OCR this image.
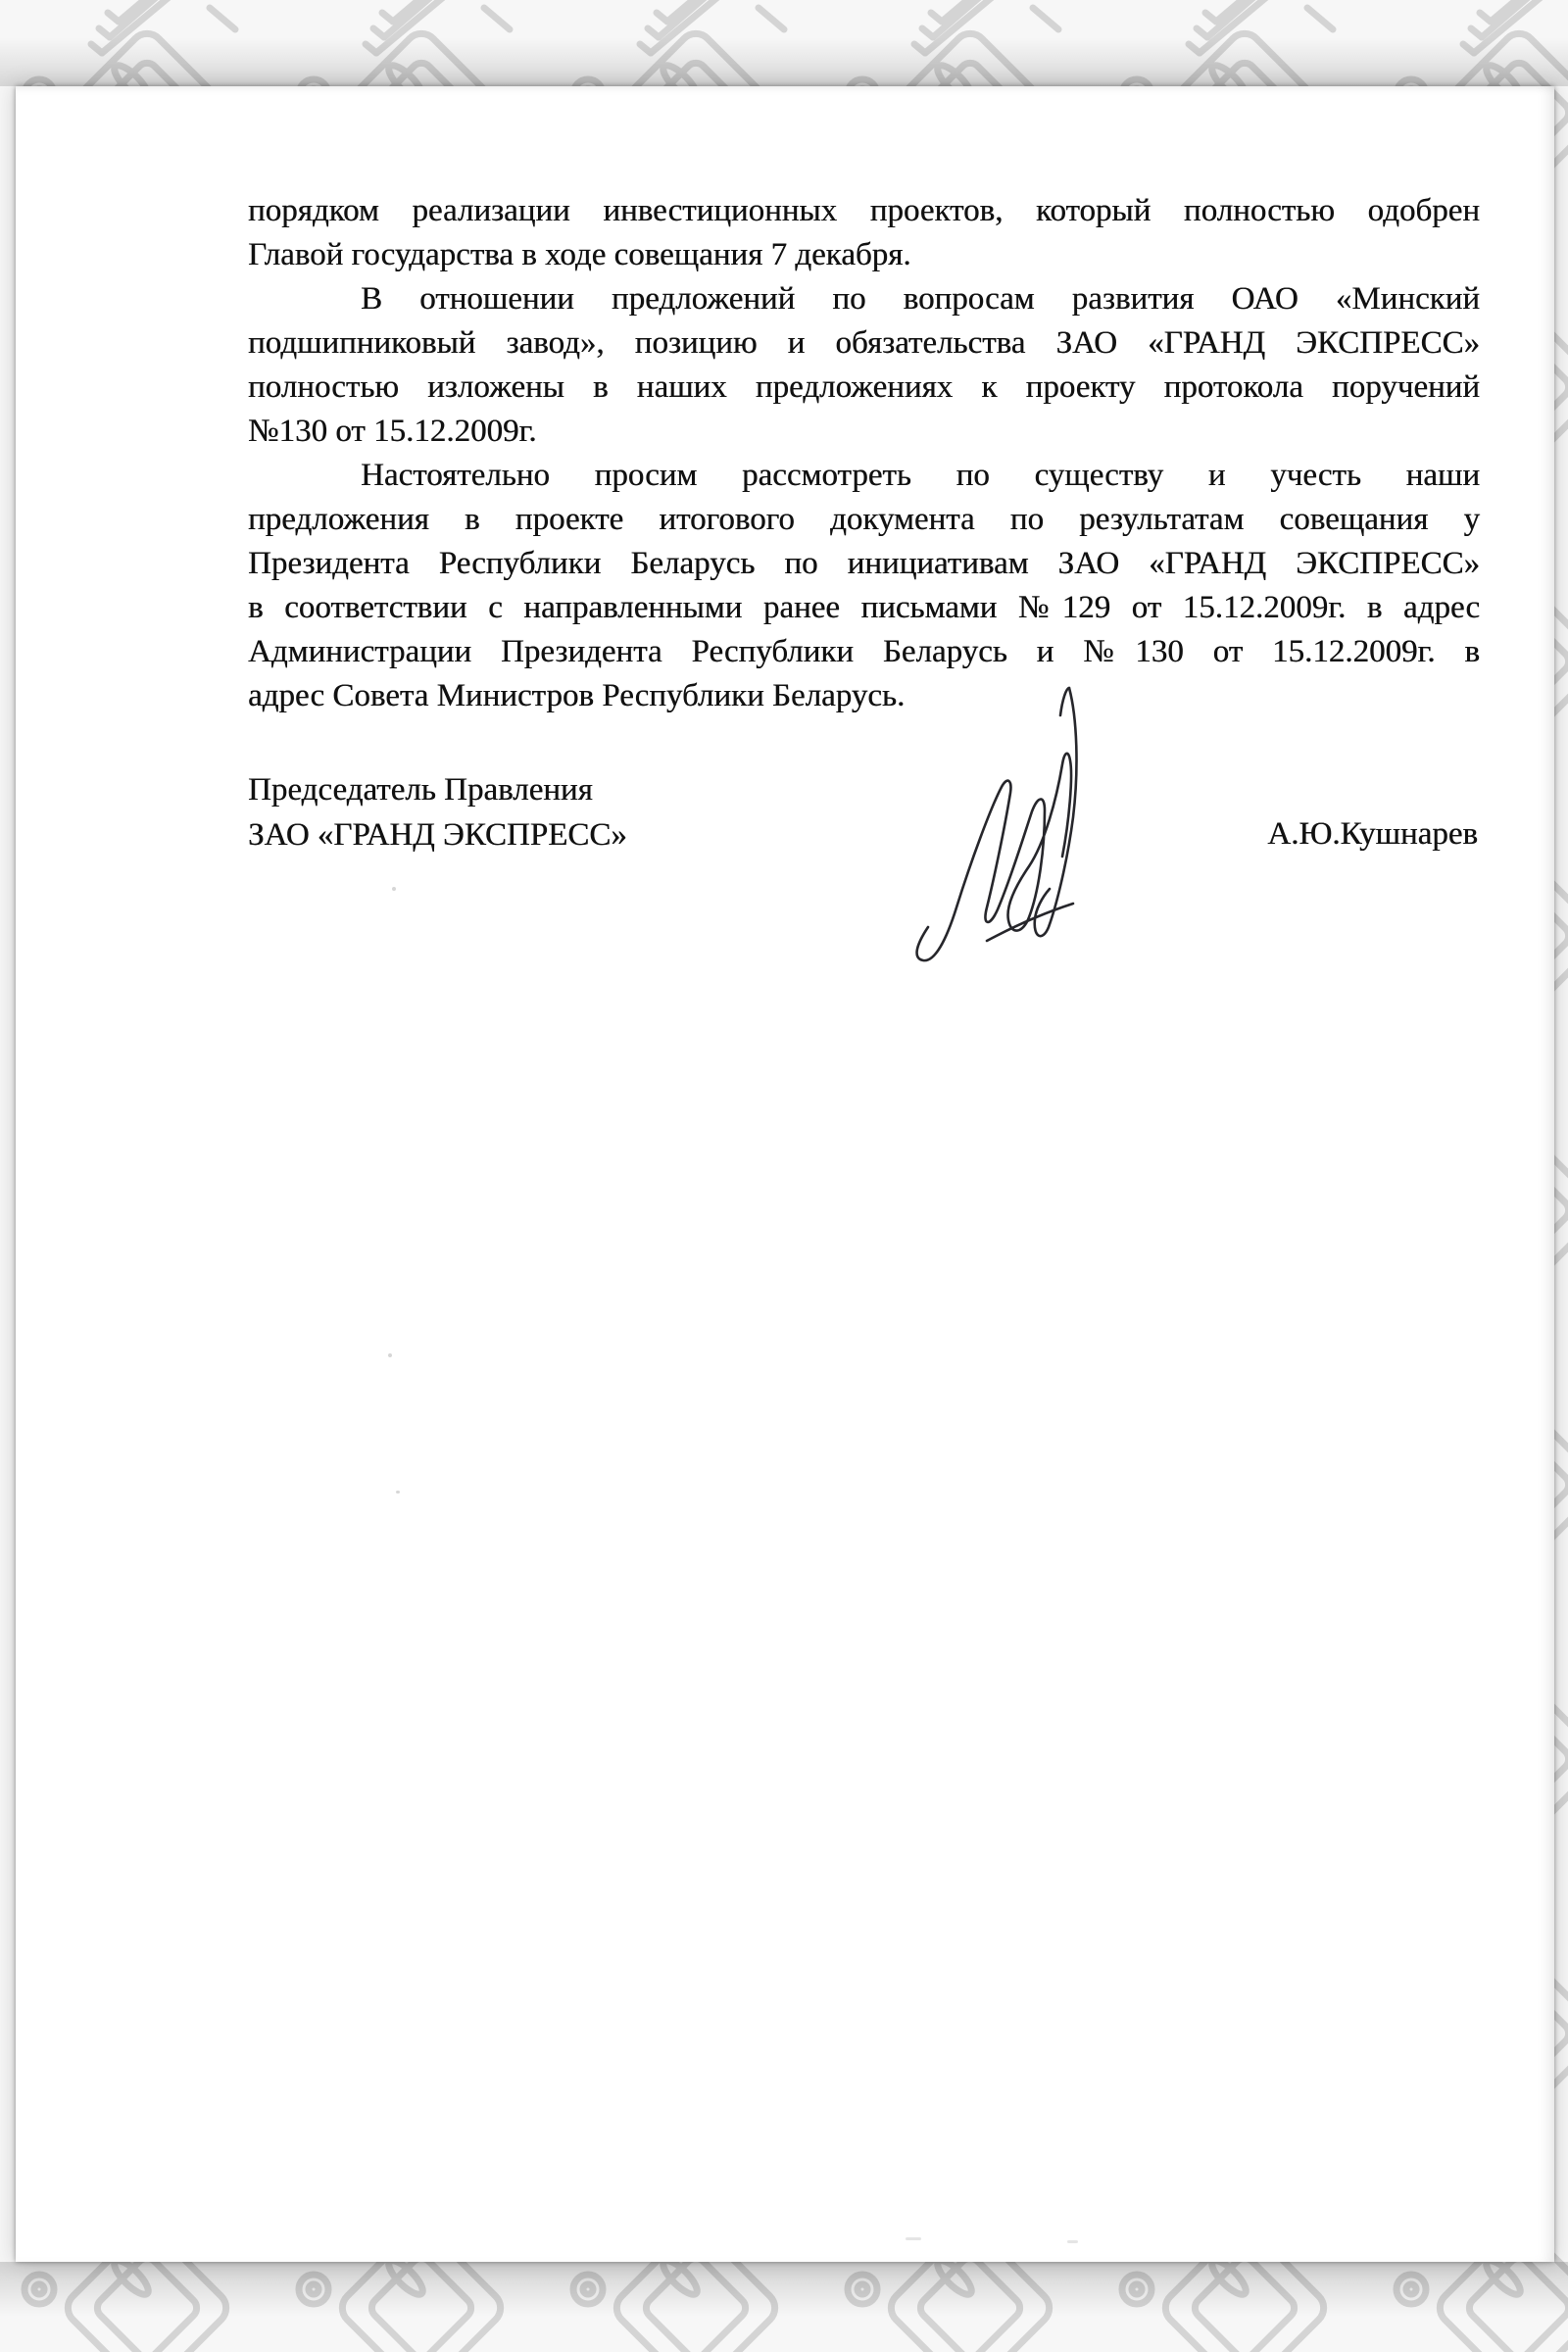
порядком реализации инвестиционных проектов, который полностью одобрен
Главой государства в ходе совещания 7 декабря.
В отношении предложений по вопросам развития ОАО «Минский
подшипниковый завод», позицию и обязательства ЗАО «ГРАНД ЭКСПРЕСС»
полностью изложены в наших предложениях к проекту протокола поручений
№130 от 15.12.2009г.
Настоятельно просим рассмотреть по существу и учесть наши
предложения в проекте итогового документа по результатам совещания у
Президента Республики Беларусь по инициативам ЗАО «ГРАНД ЭКСПРЕСС»
в соответствии с направленными ранее письмами №129 от 15.12.2009г. в адрес
Администрации Президента Республики Беларусь и №130 от 15.12.2009г. в
адрес Совета Министров Республики Беларусь.
Председатель Правления
ЗАО «ГРАНД ЭКСПРЕСС»	А.Ю.Кушнарев
